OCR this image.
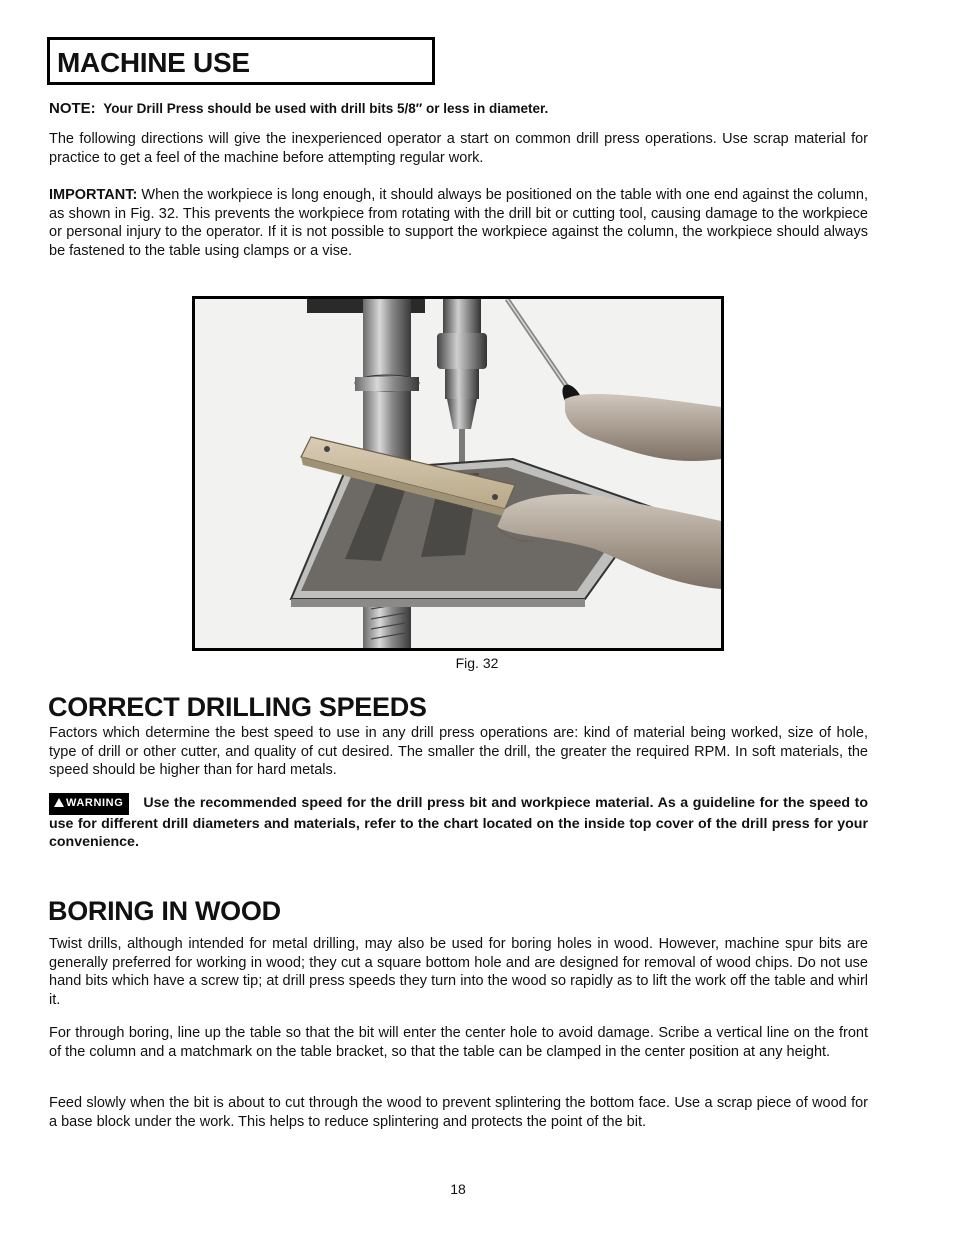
MACHINE USE
NOTE: Your Drill Press should be used with drill bits 5/8″ or less in diameter.
The following directions will give the inexperienced operator a start on common drill press operations. Use scrap material for practice to get a feel of the machine before attempting regular work.
IMPORTANT: When the workpiece is long enough, it should always be positioned on the table with one end against the column, as shown in Fig. 32. This prevents the workpiece from rotating with the drill bit or cutting tool, causing damage to the workpiece or personal injury to the operator. If it is not possible to support the workpiece against the column, the workpiece should always be fastened to the table using clamps or a vise.
Fig. 32
CORRECT DRILLING SPEEDS
Factors which determine the best speed to use in any drill press operations are: kind of material being worked, size of hole, type of drill or other cutter, and quality of cut desired. The smaller the drill, the greater the required RPM. In soft materials, the speed should be higher than for hard metals.
WARNING Use the recommended speed for the drill press bit and workpiece material. As a guideline for the speed to use for different drill diameters and materials, refer to the chart located on the inside top cover of the drill press for your convenience.
BORING IN WOOD
Twist drills, although intended for metal drilling, may also be used for boring holes in wood. However, machine spur bits are generally preferred for working in wood; they cut a square bottom hole and are designed for removal of wood chips. Do not use hand bits which have a screw tip; at drill press speeds they turn into the wood so rapidly as to lift the work off the table and whirl it.
For through boring, line up the table so that the bit will enter the center hole to avoid damage. Scribe a vertical line on the front of the column and a matchmark on the table bracket, so that the table can be clamped in the center position at any height.
Feed slowly when the bit is about to cut through the wood to prevent splintering the bottom face. Use a scrap piece of wood for a base block under the work. This helps to reduce splintering and protects the point of the bit.
18
